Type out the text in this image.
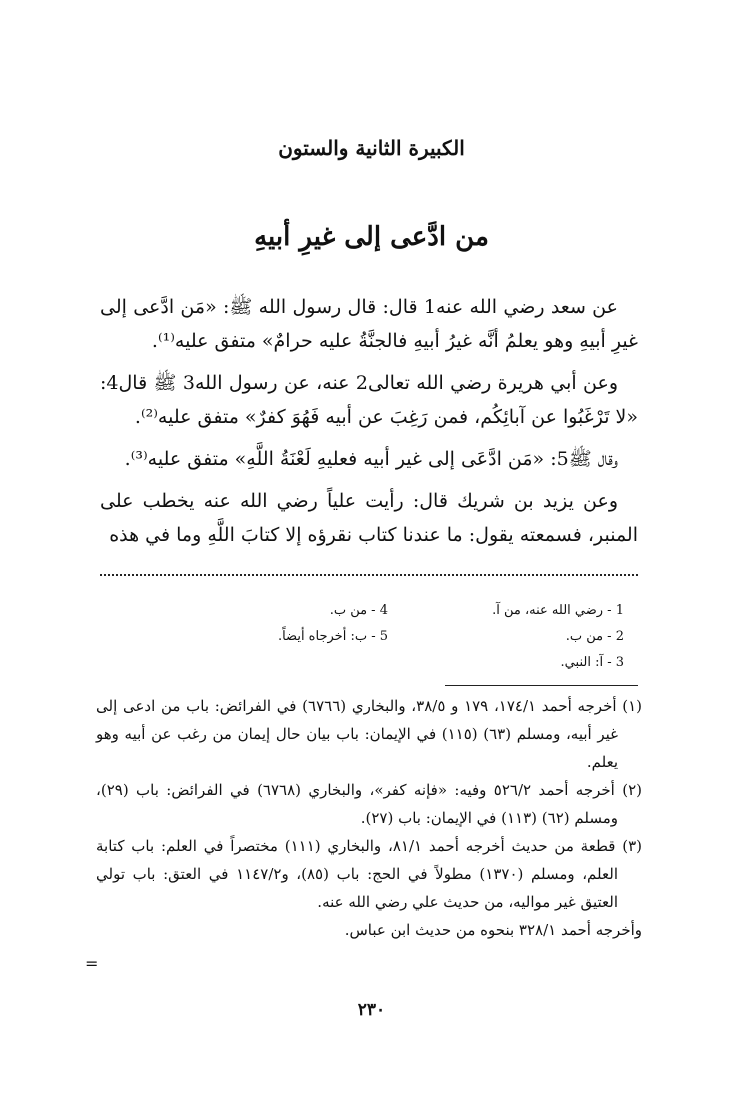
الكبيرة الثانية والستون
من ادَّعى إلى غيرِ أبيهِ

عن سعد رضي الله عنه1 قال: قال رسول الله ﷺ: «مَن ادَّعى إلى غيرِ أبيهِ وهو يعلمُ أنَّه غيرُ أبيهِ فالجنَّةُ عليه حرامٌ» متفق عليه⁽¹⁾.

وعن أبي هريرة رضي الله تعالى2 عنه، عن رسول الله3 ﷺ قال4: «لا تَرْغَبُوا عن آبائِكُم، فمن رَغِبَ عن أبيه فَهُوَ كفرٌ» متفق عليه⁽²⁾.

وقال ﷺ5: «مَن ادَّعَى إلى غير أبيه فعليهِ لَعْنَةُ اللَّهِ» متفق عليه⁽³⁾.

وعن يزيد بن شريك قال: رأيت علياً رضي الله عنه يخطب على المنبر، فسمعته يقول: ما عندنا كتاب نقرؤه إلا كتابَ اللَّهِ وما في هذه

1 - رضي الله عنه، من آ.
2 - من ب.
3 - آ: النبي.
4 - من ب.
5 - ب: أخرجاه أيضاً.
(١) أخرجه أحمد ١٧٤/١، ١٧٩ و ٣٨/٥، والبخاري (٦٧٦٦) في الفرائض: باب من ادعى إلى غير أبيه، ومسلم (٦٣) (١١٥) في الإيمان: باب بيان حال إيمان من رغب عن أبيه وهو يعلم.
(٢) أخرجه أحمد ٥٢٦/٢ وفيه: «فإنه كفر»، والبخاري (٦٧٦٨) في الفرائض: باب (٢٩)، ومسلم (٦٢) (١١٣) في الإيمان: باب (٢٧).
(٣) قطعة من حديث أخرجه أحمد ٨١/١، والبخاري (١١١) مختصراً في العلم: باب كتابة العلم، ومسلم (١٣٧٠) مطولاً في الحج: باب (٨٥)، و١١٤٧/٢ في العتق: باب تولي العتيق غير مواليه، من حديث علي رضي الله عنه.
وأخرجه أحمد ٣٢٨/١ بنحوه من حديث ابن عباس.
=
٢٣٠
